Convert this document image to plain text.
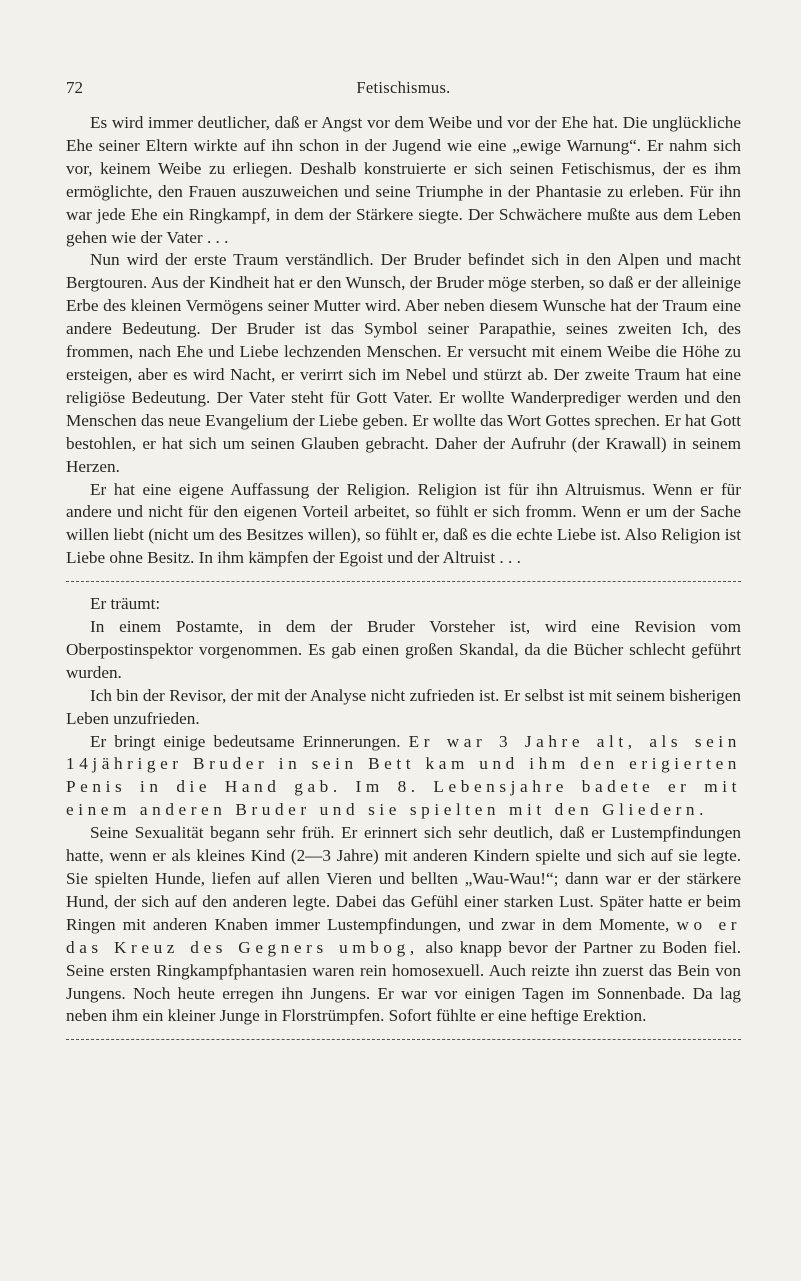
72	Fetischismus.

Es wird immer deutlicher, daß er Angst vor dem Weibe und vor der Ehe hat. Die unglückliche Ehe seiner Eltern wirkte auf ihn schon in der Jugend wie eine „ewige Warnung“. Er nahm sich vor, keinem Weibe zu erliegen. Deshalb konstruierte er sich seinen Fetischismus, der es ihm ermöglichte, den Frauen auszuweichen und seine Triumphe in der Phantasie zu erleben. Für ihn war jede Ehe ein Ringkampf, in dem der Stärkere siegte. Der Schwächere mußte aus dem Leben gehen wie der Vater . . .

Nun wird der erste Traum verständlich. Der Bruder befindet sich in den Alpen und macht Bergtouren. Aus der Kindheit hat er den Wunsch, der Bruder möge sterben, so daß er der alleinige Erbe des kleinen Vermögens seiner Mutter wird. Aber neben diesem Wunsche hat der Traum eine andere Bedeutung. Der Bruder ist das Symbol seiner Parapathie, seines zweiten Ich, des frommen, nach Ehe und Liebe lechzenden Menschen. Er versucht mit einem Weibe die Höhe zu ersteigen, aber es wird Nacht, er verirrt sich im Nebel und stürzt ab. Der zweite Traum hat eine religiöse Bedeutung. Der Vater steht für Gott Vater. Er wollte Wanderprediger werden und den Menschen das neue Evangelium der Liebe geben. Er wollte das Wort Gottes sprechen. Er hat Gott bestohlen, er hat sich um seinen Glauben gebracht. Daher der Aufruhr (der Krawall) in seinem Herzen.

Er hat eine eigene Auffassung der Religion. Religion ist für ihn Altruismus. Wenn er für andere und nicht für den eigenen Vorteil arbeitet, so fühlt er sich fromm. Wenn er um der Sache willen liebt (nicht um des Besitzes willen), so fühlt er, daß es die echte Liebe ist. Also Religion ist Liebe ohne Besitz. In ihm kämpfen der Egoist und der Altruist . . .

Er träumt:

In einem Postamte, in dem der Bruder Vorsteher ist, wird eine Revision vom Oberpostinspektor vorgenommen. Es gab einen großen Skandal, da die Bücher schlecht geführt wurden.

Ich bin der Revisor, der mit der Analyse nicht zufrieden ist. Er selbst ist mit seinem bisherigen Leben unzufrieden.

Er bringt einige bedeutsame Erinnerungen. Er war 3 Jahre alt, als sein 14jähriger Bruder in sein Bett kam und ihm den erigierten Penis in die Hand gab. Im 8. Lebensjahre badete er mit einem anderen Bruder und sie spielten mit den Gliedern.

Seine Sexualität begann sehr früh. Er erinnert sich sehr deutlich, daß er Lustempfindungen hatte, wenn er als kleines Kind (2—3 Jahre) mit anderen Kindern spielte und sich auf sie legte. Sie spielten Hunde, liefen auf allen Vieren und bellten „Wau-Wau!“; dann war er der stärkere Hund, der sich auf den anderen legte. Dabei das Gefühl einer starken Lust. Später hatte er beim Ringen mit anderen Knaben immer Lustempfindungen, und zwar in dem Momente, wo er das Kreuz des Gegners umbog, also knapp bevor der Partner zu Boden fiel. Seine ersten Ringkampfphantasien waren rein homosexuell. Auch reizte ihn zuerst das Bein von Jungens. Noch heute erregen ihn Jungens. Er war vor einigen Tagen im Sonnenbade. Da lag neben ihm ein kleiner Junge in Florstrümpfen. Sofort fühlte er eine heftige Erektion.
